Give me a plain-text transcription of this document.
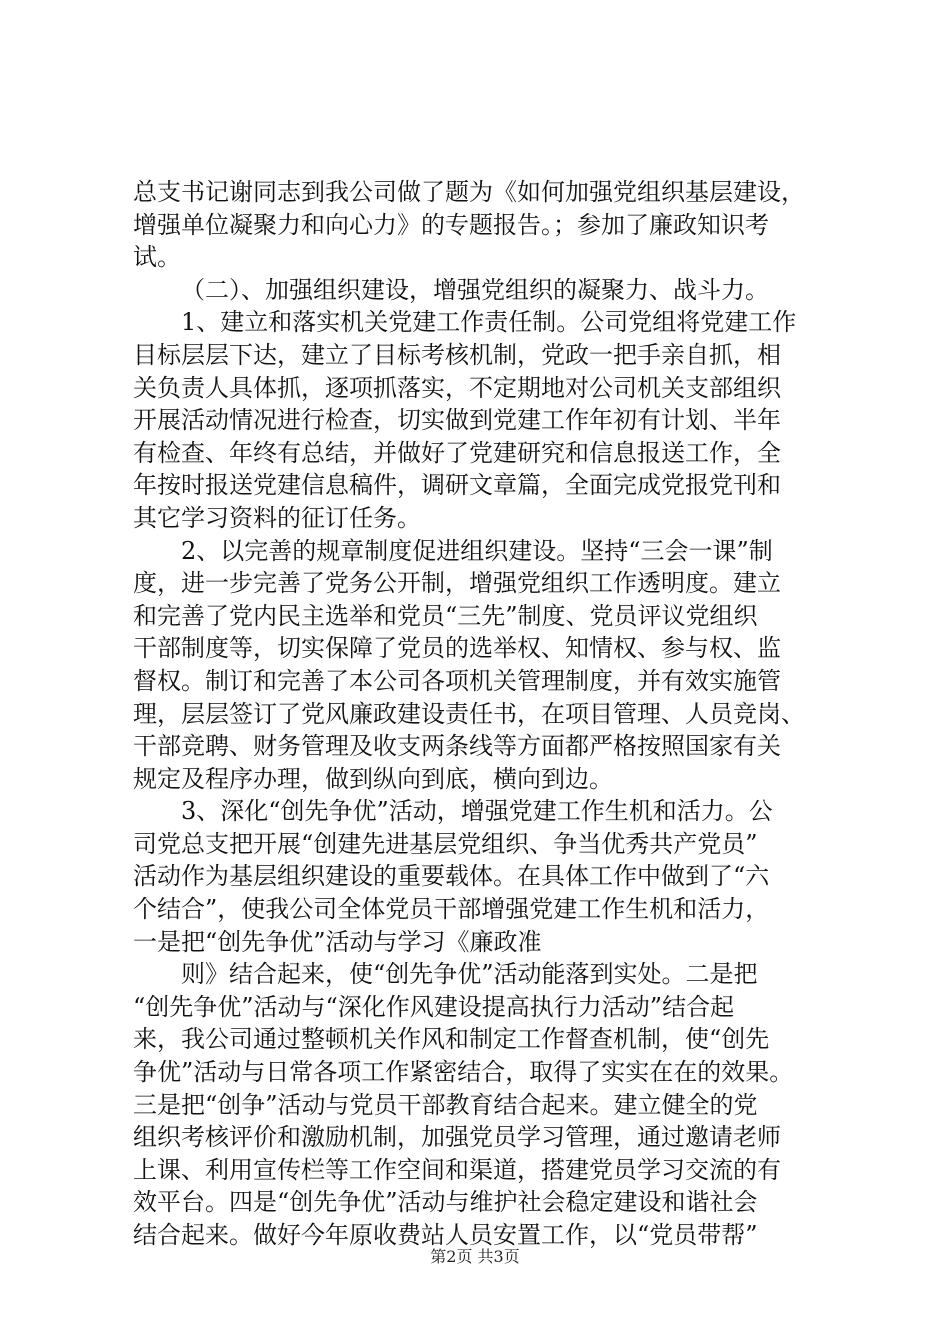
总支书记谢同志到我公司做了题为《如何加强党组织基层建设，
增强单位凝聚力和向心力》的专题报告。；参加了廉政知识考
试。

（二）、加强组织建设，增强党组织的凝聚力、战斗力。

1、建立和落实机关党建工作责任制。公司党组将党建工作
目标层层下达，建立了目标考核机制，党政一把手亲自抓，相
关负责人具体抓，逐项抓落实，不定期地对公司机关支部组织
开展活动情况进行检查，切实做到党建工作年初有计划、半年
有检查、年终有总结，并做好了党建研究和信息报送工作，全
年按时报送党建信息稿件，调研文章篇，全面完成党报党刊和
其它学习资料的征订任务。

2、以完善的规章制度促进组织建设。坚持“三会一课”制
度，进一步完善了党务公开制，增强党组织工作透明度。建立
和完善了党内民主选举和党员“三先”制度、党员评议党组织
干部制度等，切实保障了党员的选举权、知情权、参与权、监
督权。制订和完善了本公司各项机关管理制度，并有效实施管
理，层层签订了党风廉政建设责任书，在项目管理、人员竞岗、
干部竞聘、财务管理及收支两条线等方面都严格按照国家有关
规定及程序办理，做到纵向到底，横向到边。

3、深化“创先争优”活动，增强党建工作生机和活力。公
司党总支把开展“创建先进基层党组织、争当优秀共产党员”
活动作为基层组织建设的重要载体。在具体工作中做到了“六
个结合”，使我公司全体党员干部增强党建工作生机和活力，
一是把“创先争优”活动与学习《廉政准

则》结合起来，使“创先争优”活动能落到实处。二是把
“创先争优”活动与“深化作风建设提高执行力活动”结合起
来，我公司通过整顿机关作风和制定工作督查机制，使“创先
争优”活动与日常各项工作紧密结合，取得了实实在在的效果。
三是把“创争”活动与党员干部教育结合起来。建立健全的党
组织考核评价和激励机制，加强党员学习管理，通过邀请老师
上课、利用宣传栏等工作空间和渠道，搭建党员学习交流的有
效平台。四是“创先争优”活动与维护社会稳定建设和谐社会
结合起来。做好今年原收费站人员安置工作，以“党员带帮”

第2页 共3页
